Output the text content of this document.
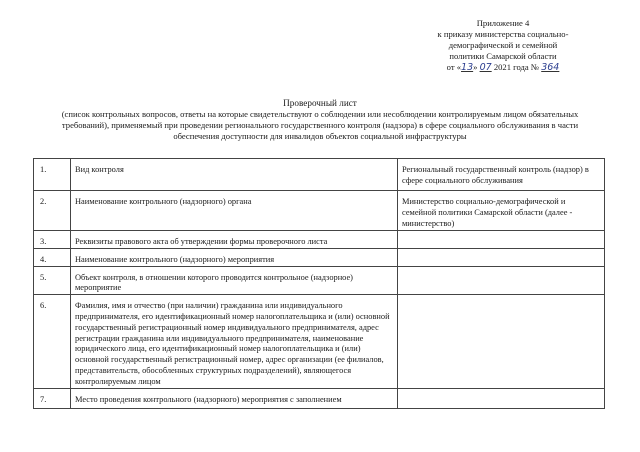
Приложение 4
к приказу министерства социально-
демографической и семейной
политики Самарской области
от «13» 07 2021 года № 364
Проверочный лист
(список контрольных вопросов, ответы на которые свидетельствуют о соблюдении или несоблюдении контролируемым лицом обязательных требований), применяемый при проведении регионального государственного контроля (надзора) в сфере социального обслуживания в части обеспечения доступности для инвалидов объектов социальной инфраструктуры
1.	Вид контроля	Региональный государственный контроль (надзор) в сфере социального обслуживания
2.	Наименование контрольного (надзорного) органа	Министерство социально-демографической и семейной политики Самарской области (далее - министерство)
3.	Реквизиты правового акта об утверждении формы проверочного листа	
4.	Наименование контрольного (надзорного) мероприятия	
5.	Объект контроля, в отношении которого проводится контрольное (надзорное) мероприятие	
6.	Фамилия, имя и отчество (при наличии) гражданина или индивидуального предпринимателя, его идентификационный номер налогоплательщика и (или) основной государственный регистрационный номер индивидуального предпринимателя, адрес регистрации гражданина или индивидуального предпринимателя, наименование юридического лица, его идентификационный номер налогоплательщика и (или) основной государственный регистрационный номер, адрес организации (ее филиалов, представительств, обособленных структурных подразделений), являющегося контролируемым лицом	
7.	Место проведения контрольного (надзорного) мероприятия с заполнением	
